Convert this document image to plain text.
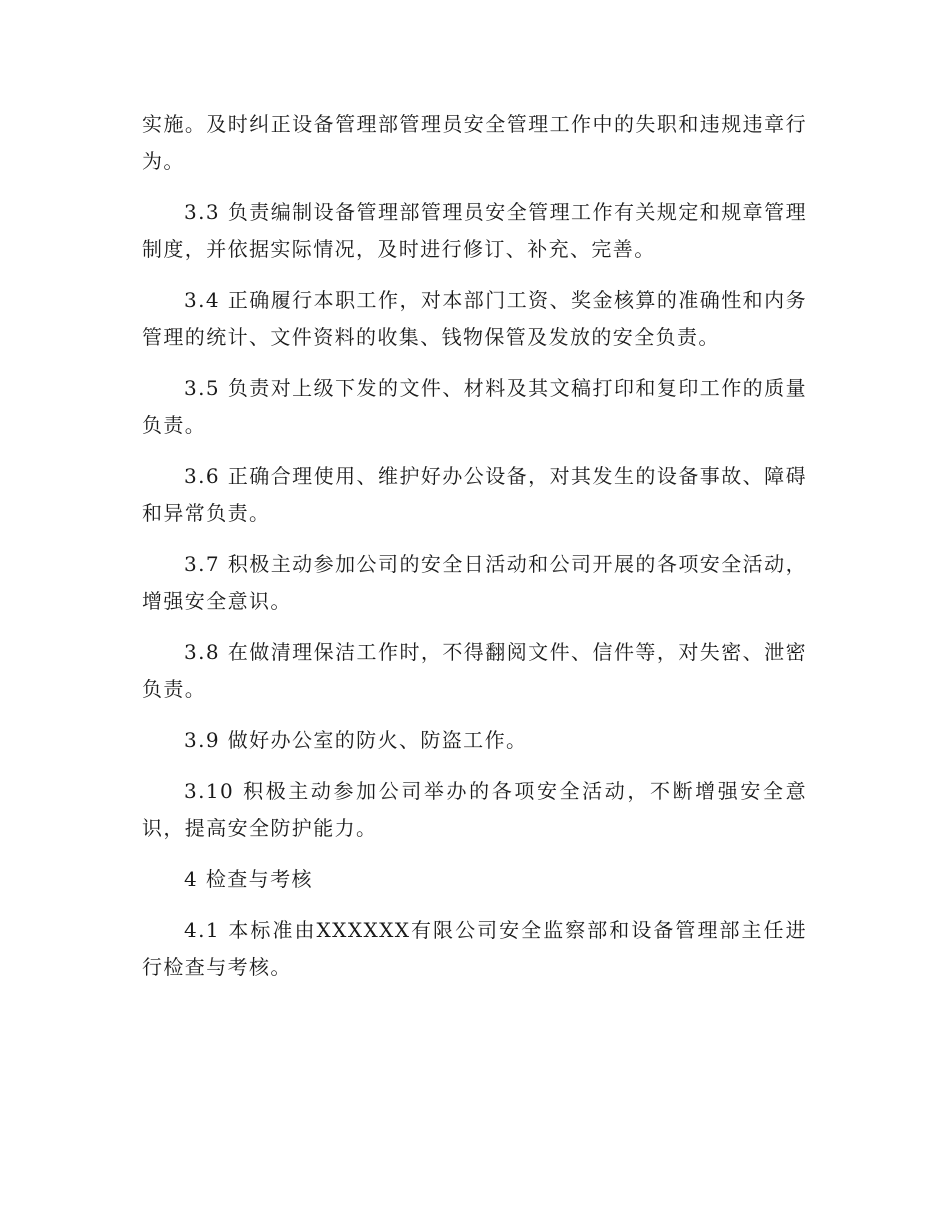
实施。及时纠正设备管理部管理员安全管理工作中的失职和违规违章行为。

3.3 负责编制设备管理部管理员安全管理工作有关规定和规章管理制度，并依据实际情况，及时进行修订、补充、完善。

3.4 正确履行本职工作，对本部门工资、奖金核算的准确性和内务管理的统计、文件资料的收集、钱物保管及发放的安全负责。

3.5 负责对上级下发的文件、材料及其文稿打印和复印工作的质量负责。

3.6 正确合理使用、维护好办公设备，对其发生的设备事故、障碍和异常负责。

3.7 积极主动参加公司的安全日活动和公司开展的各项安全活动，增强安全意识。

3.8 在做清理保洁工作时，不得翻阅文件、信件等，对失密、泄密负责。

3.9 做好办公室的防火、防盗工作。

3.10 积极主动参加公司举办的各项安全活动，不断增强安全意识，提高安全防护能力。

4 检查与考核

4.1 本标准由XXXXXX有限公司安全监察部和设备管理部主任进行检查与考核。
